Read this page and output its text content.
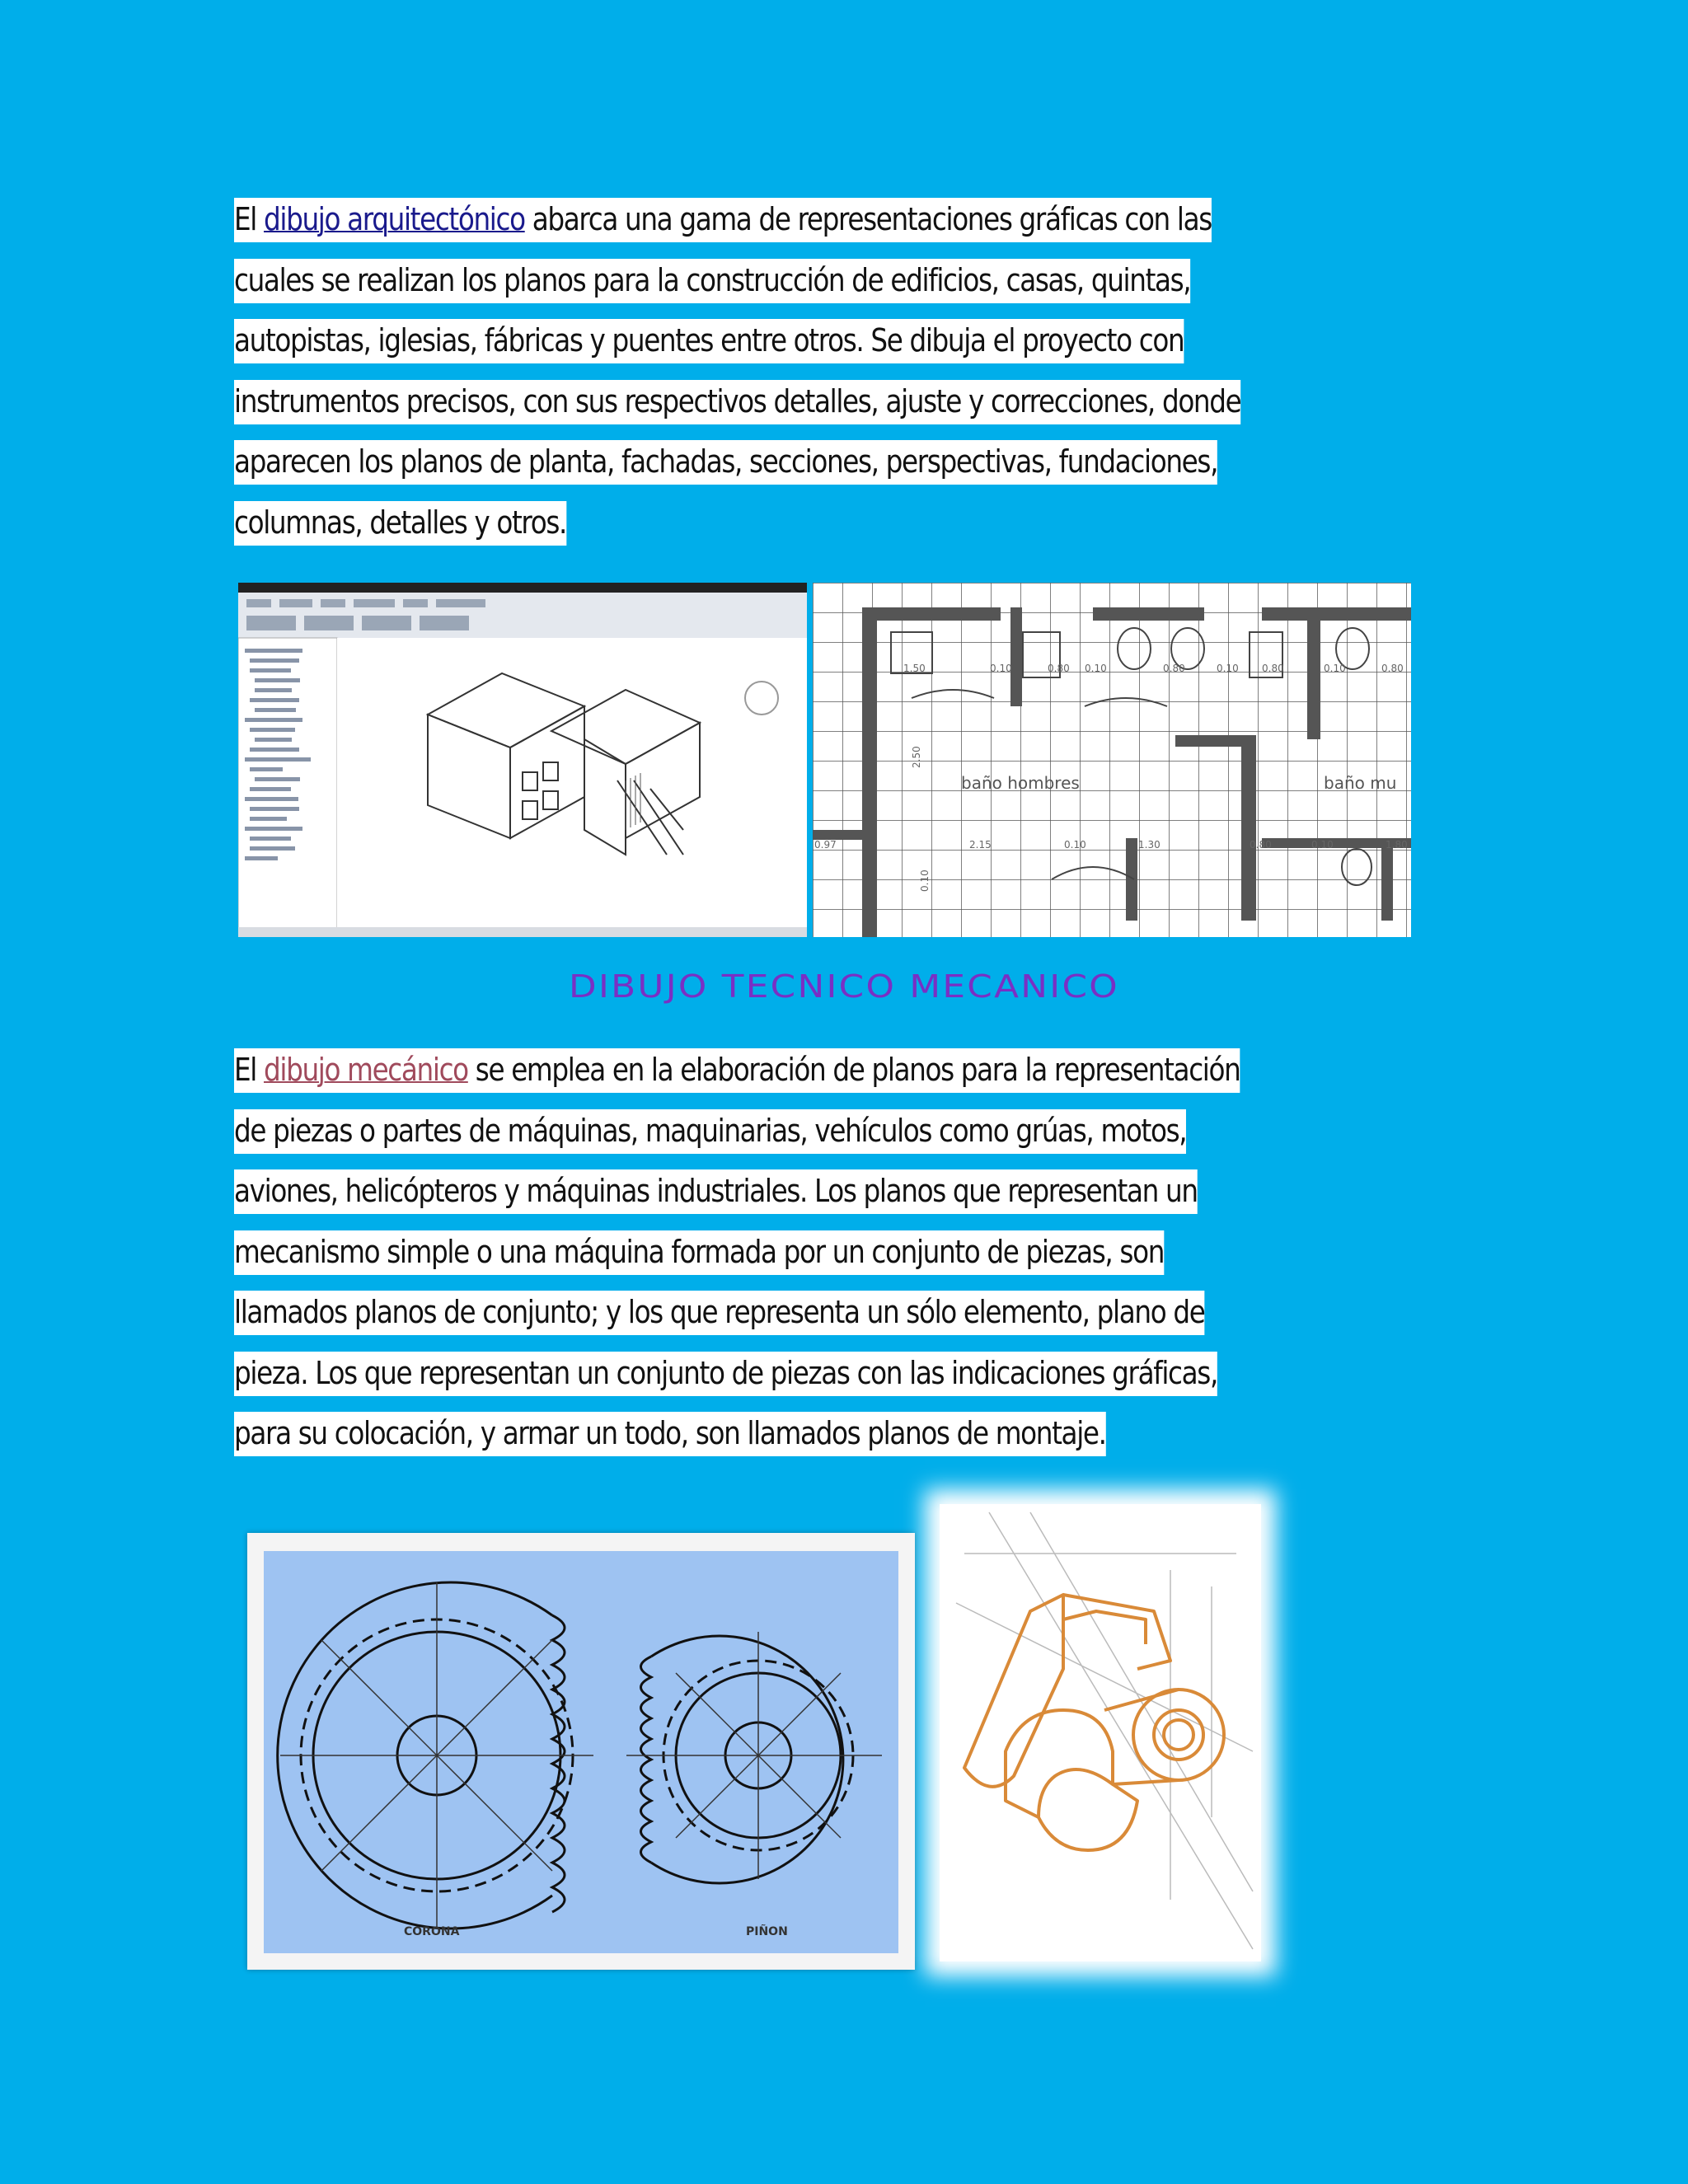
El dibujo arquitectónico abarca una gama de representaciones gráficas con las cuales se realizan los planos para la construcción de edificios, casas, quintas, autopistas, iglesias, fábricas y puentes entre otros. Se dibuja el proyecto con instrumentos precisos, con sus respectivos detalles, ajuste y correcciones, donde aparecen los planos de planta, fachadas, secciones, perspectivas, fundaciones, columnas, detalles y otros.
baño hombres	baño mu
1.50	0.10	0.80 0.10	0.80	0.10 0.80	0.10	0.80
0.97	2.15	0.10	1.30	0.80	0.10	1.80
2.50
0.10
DIBUJO TECNICO MECANICO
El dibujo mecánico se emplea en la elaboración de planos para la representación de piezas o partes de máquinas, maquinarias, vehículos como grúas, motos, aviones, helicópteros y máquinas industriales. Los planos que representan un mecanismo simple o una máquina formada por un conjunto de piezas, son llamados planos de conjunto; y los que representa un sólo elemento, plano de pieza. Los que representan un conjunto de piezas con las indicaciones gráficas, para su colocación, y armar un todo, son llamados planos de montaje.
CORONA	PIÑON
